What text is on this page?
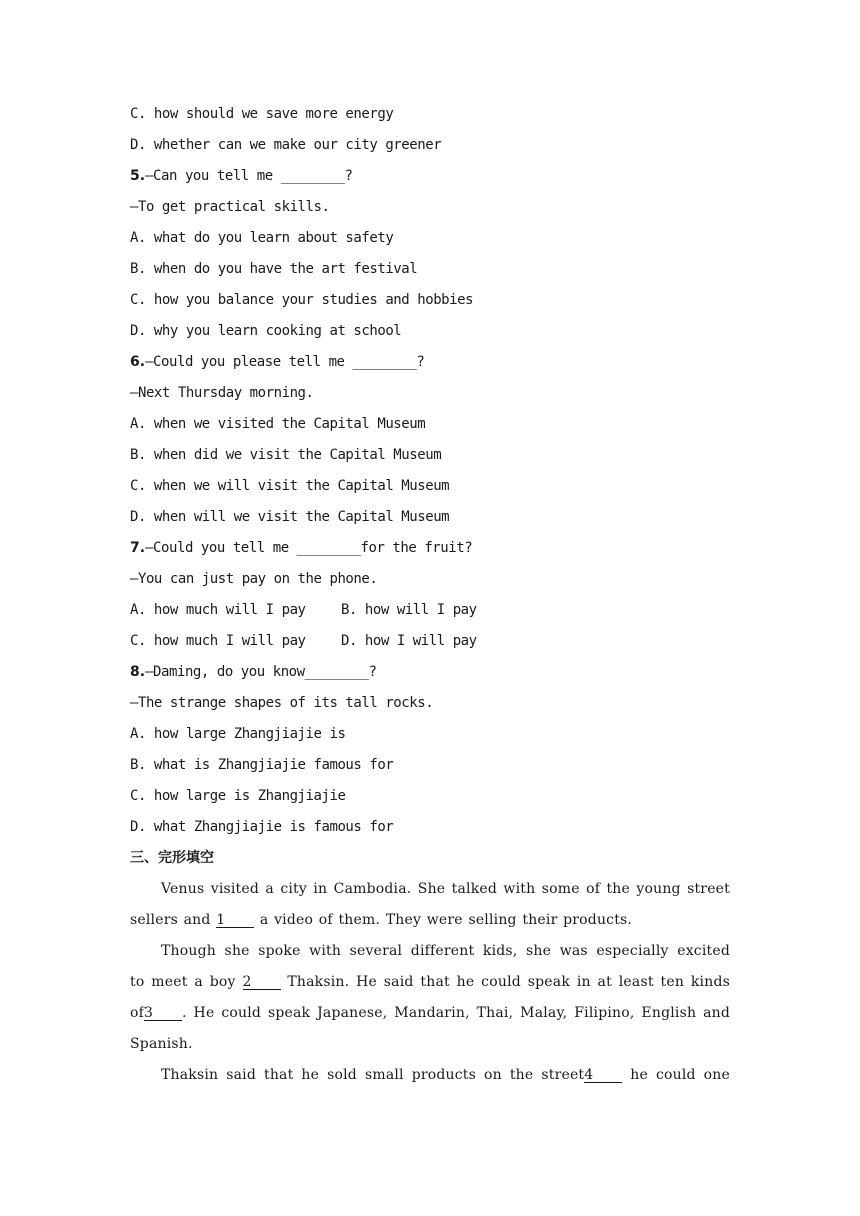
C. how should we save more energy
D. whether can we make our city greener
5.—Can you tell me ________?
—To get practical skills.
A. what do you learn about safety
B. when do you have the art festival
C. how you balance your studies and hobbies
D. why you learn cooking at school
6.—Could you please tell me ________?
—Next Thursday morning.
A. when we visited the Capital Museum
B. when did we visit the Capital Museum
C. when we will visit the Capital Museum
D. when will we visit the Capital Museum
7.—Could you tell me ________for the fruit?
—You can just pay on the phone.
A. how much will I pay	B. how will I pay
C. how much I will pay	D. how I will pay
8.—Daming, do you know________?
—The strange shapes of its tall rocks.
A. how large Zhangjiajie is
B. what is Zhangjiajie famous for
C. how large is Zhangjiajie
D. what Zhangjiajie is famous for
三、完形填空
Venus visited a city in Cambodia. She talked with some of the young street
sellers and 1 a video of them. They were selling their products.
Though she spoke with several different kids, she was especially excited
to meet a boy 2 Thaksin. He said that he could speak in at least ten kinds
of3 . He could speak Japanese, Mandarin, Thai, Malay, Filipino, English and
Spanish.
Thaksin said that he sold small products on the street4 he could one
